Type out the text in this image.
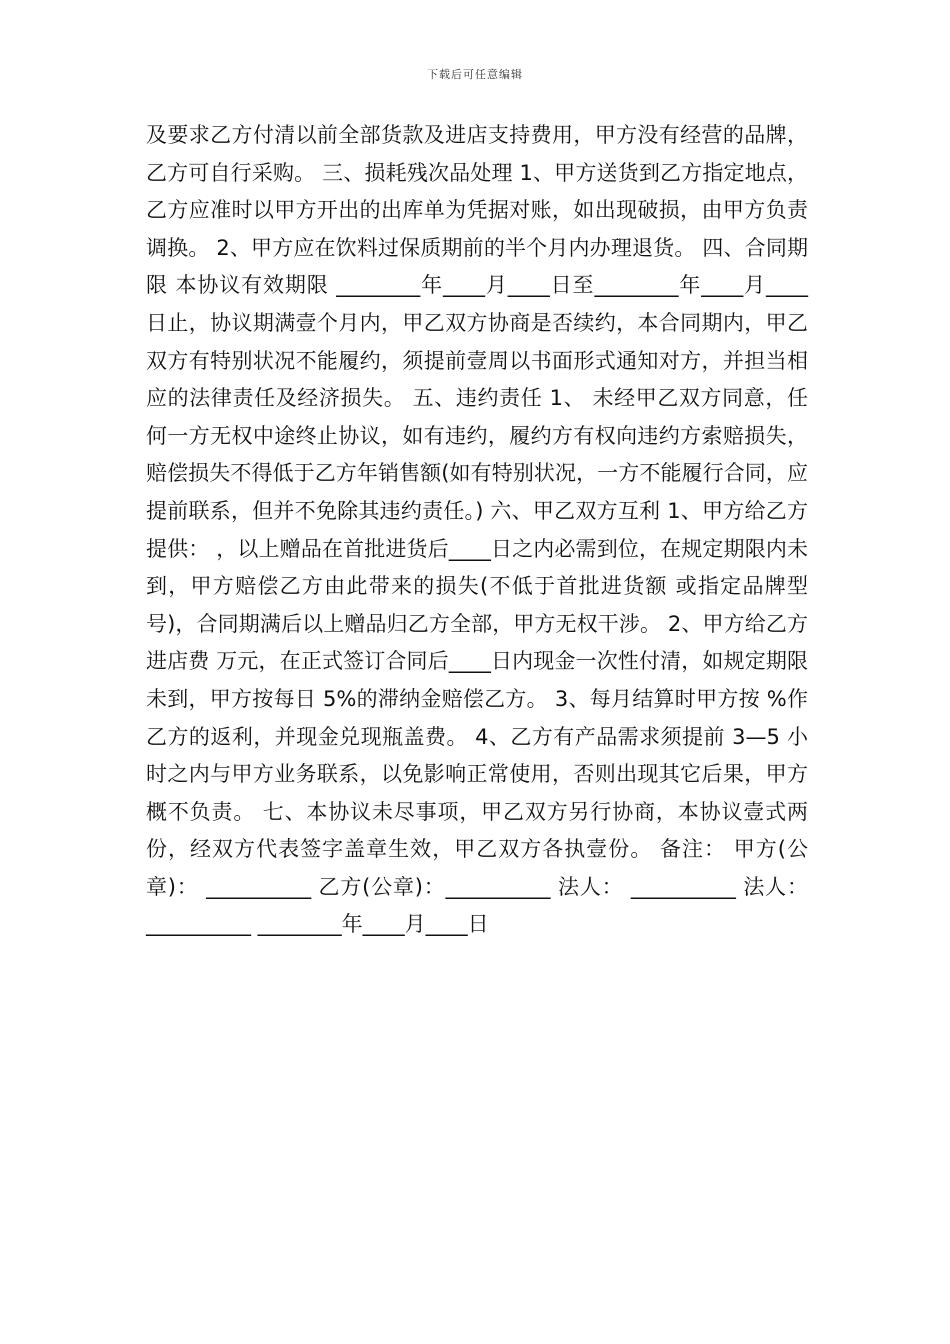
下载后可任意编辑

及要求乙方付清以前全部货款及进店支持费用，甲方没有经营的品牌，乙方可自行采购。 三、损耗残次品处理 1、甲方送货到乙方指定地点，乙方应准时以甲方开出的出库单为凭据对账，如出现破损，由甲方负责调换。 2、甲方应在饮料过保质期前的半个月内办理退货。 四、合同期限 本协议有效期限 ________年____月____日至________年____月____日止，协议期满壹个月内，甲乙双方协商是否续约，本合同期内，甲乙双方有特别状况不能履约，须提前壹周以书面形式通知对方，并担当相应的法律责任及经济损失。 五、违约责任 1、 未经甲乙双方同意，任何一方无权中途终止协议，如有违约，履约方有权向违约方索赔损失，赔偿损失不得低于乙方年销售额(如有特别状况，一方不能履行合同，应提前联系，但并不免除其违约责任。) 六、甲乙双方互利 1、甲方给乙方提供： ，以上赠品在首批进货后____日之内必需到位，在规定期限内未到，甲方赔偿乙方由此带来的损失(不低于首批进货额 或指定品牌型号)，合同期满后以上赠品归乙方全部，甲方无权干涉。 2、甲方给乙方进店费 万元，在正式签订合同后____日内现金一次性付清，如规定期限未到，甲方按每日 5%的滞纳金赔偿乙方。 3、每月结算时甲方按 %作乙方的返利，并现金兑现瓶盖费。 4、乙方有产品需求须提前 3—5 小时之内与甲方业务联系，以免影响正常使用，否则出现其它后果，甲方概不负责。 七、本协议未尽事项，甲乙双方另行协商，本协议壹式两份，经双方代表签字盖章生效，甲乙双方各执壹份。 备注： 甲方(公章)： __________ 乙方(公章)：__________ 法人： __________ 法人： __________ ________年____月____日
